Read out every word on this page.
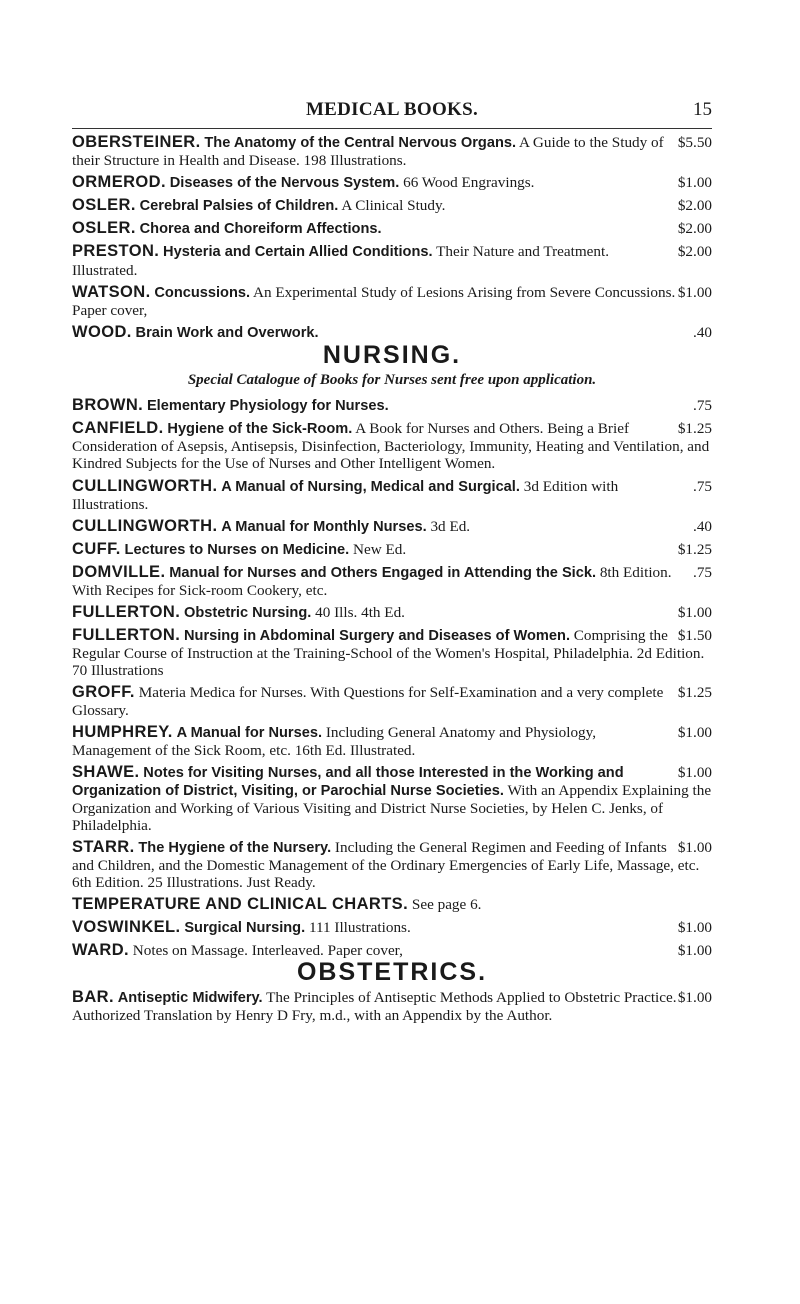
MEDICAL BOOKS.	15
$5.50
OBERSTEINER. The Anatomy of the Central Nervous Organs. A Guide to the Study of their Structure in Health and Disease. 198 Illustrations.
$1.00
ORMEROD. Diseases of the Nervous System. 66 Wood Engravings.
$2.00
OSLER. Cerebral Palsies of Children. A Clinical Study.
$2.00
OSLER. Chorea and Choreiform Affections.
$2.00
PRESTON. Hysteria and Certain Allied Conditions. Their Nature and Treatment. Illustrated.
$1.00
WATSON. Concussions. An Experimental Study of Lesions Arising from Severe Concussions. Paper cover,
.40
WOOD. Brain Work and Overwork.
NURSING.
Special Catalogue of Books for Nurses sent free upon application.
.75
BROWN. Elementary Physiology for Nurses.
$1.25
CANFIELD. Hygiene of the Sick-Room. A Book for Nurses and Others. Being a Brief Consideration of Asepsis, Antisepsis, Disinfection, Bacteriology, Immunity, Heating and Ventilation, and Kindred Subjects for the Use of Nurses and Other Intelligent Women.
.75
CULLINGWORTH. A Manual of Nursing, Medical and Surgical. 3d Edition with Illustrations.
.40
CULLINGWORTH. A Manual for Monthly Nurses. 3d Ed.
$1.25
CUFF. Lectures to Nurses on Medicine. New Ed.
.75
DOMVILLE. Manual for Nurses and Others Engaged in Attending the Sick. 8th Edition. With Recipes for Sick-room Cookery, etc.
$1.00
FULLERTON. Obstetric Nursing. 40 Ills. 4th Ed.
$1.50
FULLERTON. Nursing in Abdominal Surgery and Diseases of Women. Comprising the Regular Course of Instruction at the Training-School of the Women's Hospital, Philadelphia. 2d Edition. 70 Illustrations
$1.25
GROFF. Materia Medica for Nurses. With Questions for Self-Examination and a very complete Glossary.
$1.00
HUMPHREY. A Manual for Nurses. Including General Anatomy and Physiology, Management of the Sick Room, etc. 16th Ed. Illustrated.
$1.00
SHAWE. Notes for Visiting Nurses, and all those Interested in the Working and Organization of District, Visiting, or Parochial Nurse Societies. With an Appendix Explaining the Organization and Working of Various Visiting and District Nurse Societies, by Helen C. Jenks, of Philadelphia.
$1.00
STARR. The Hygiene of the Nursery. Including the General Regimen and Feeding of Infants and Children, and the Domestic Management of the Ordinary Emergencies of Early Life, Massage, etc. 6th Edition. 25 Illustrations. Just Ready.
TEMPERATURE AND CLINICAL CHARTS. See page 6.
$1.00
VOSWINKEL. Surgical Nursing. 111 Illustrations.
$1.00
WARD. Notes on Massage. Interleaved. Paper cover,
OBSTETRICS.
$1.00
BAR. Antiseptic Midwifery. The Principles of Antiseptic Methods Applied to Obstetric Practice. Authorized Translation by Henry D Fry, m.d., with an Appendix by the Author.
